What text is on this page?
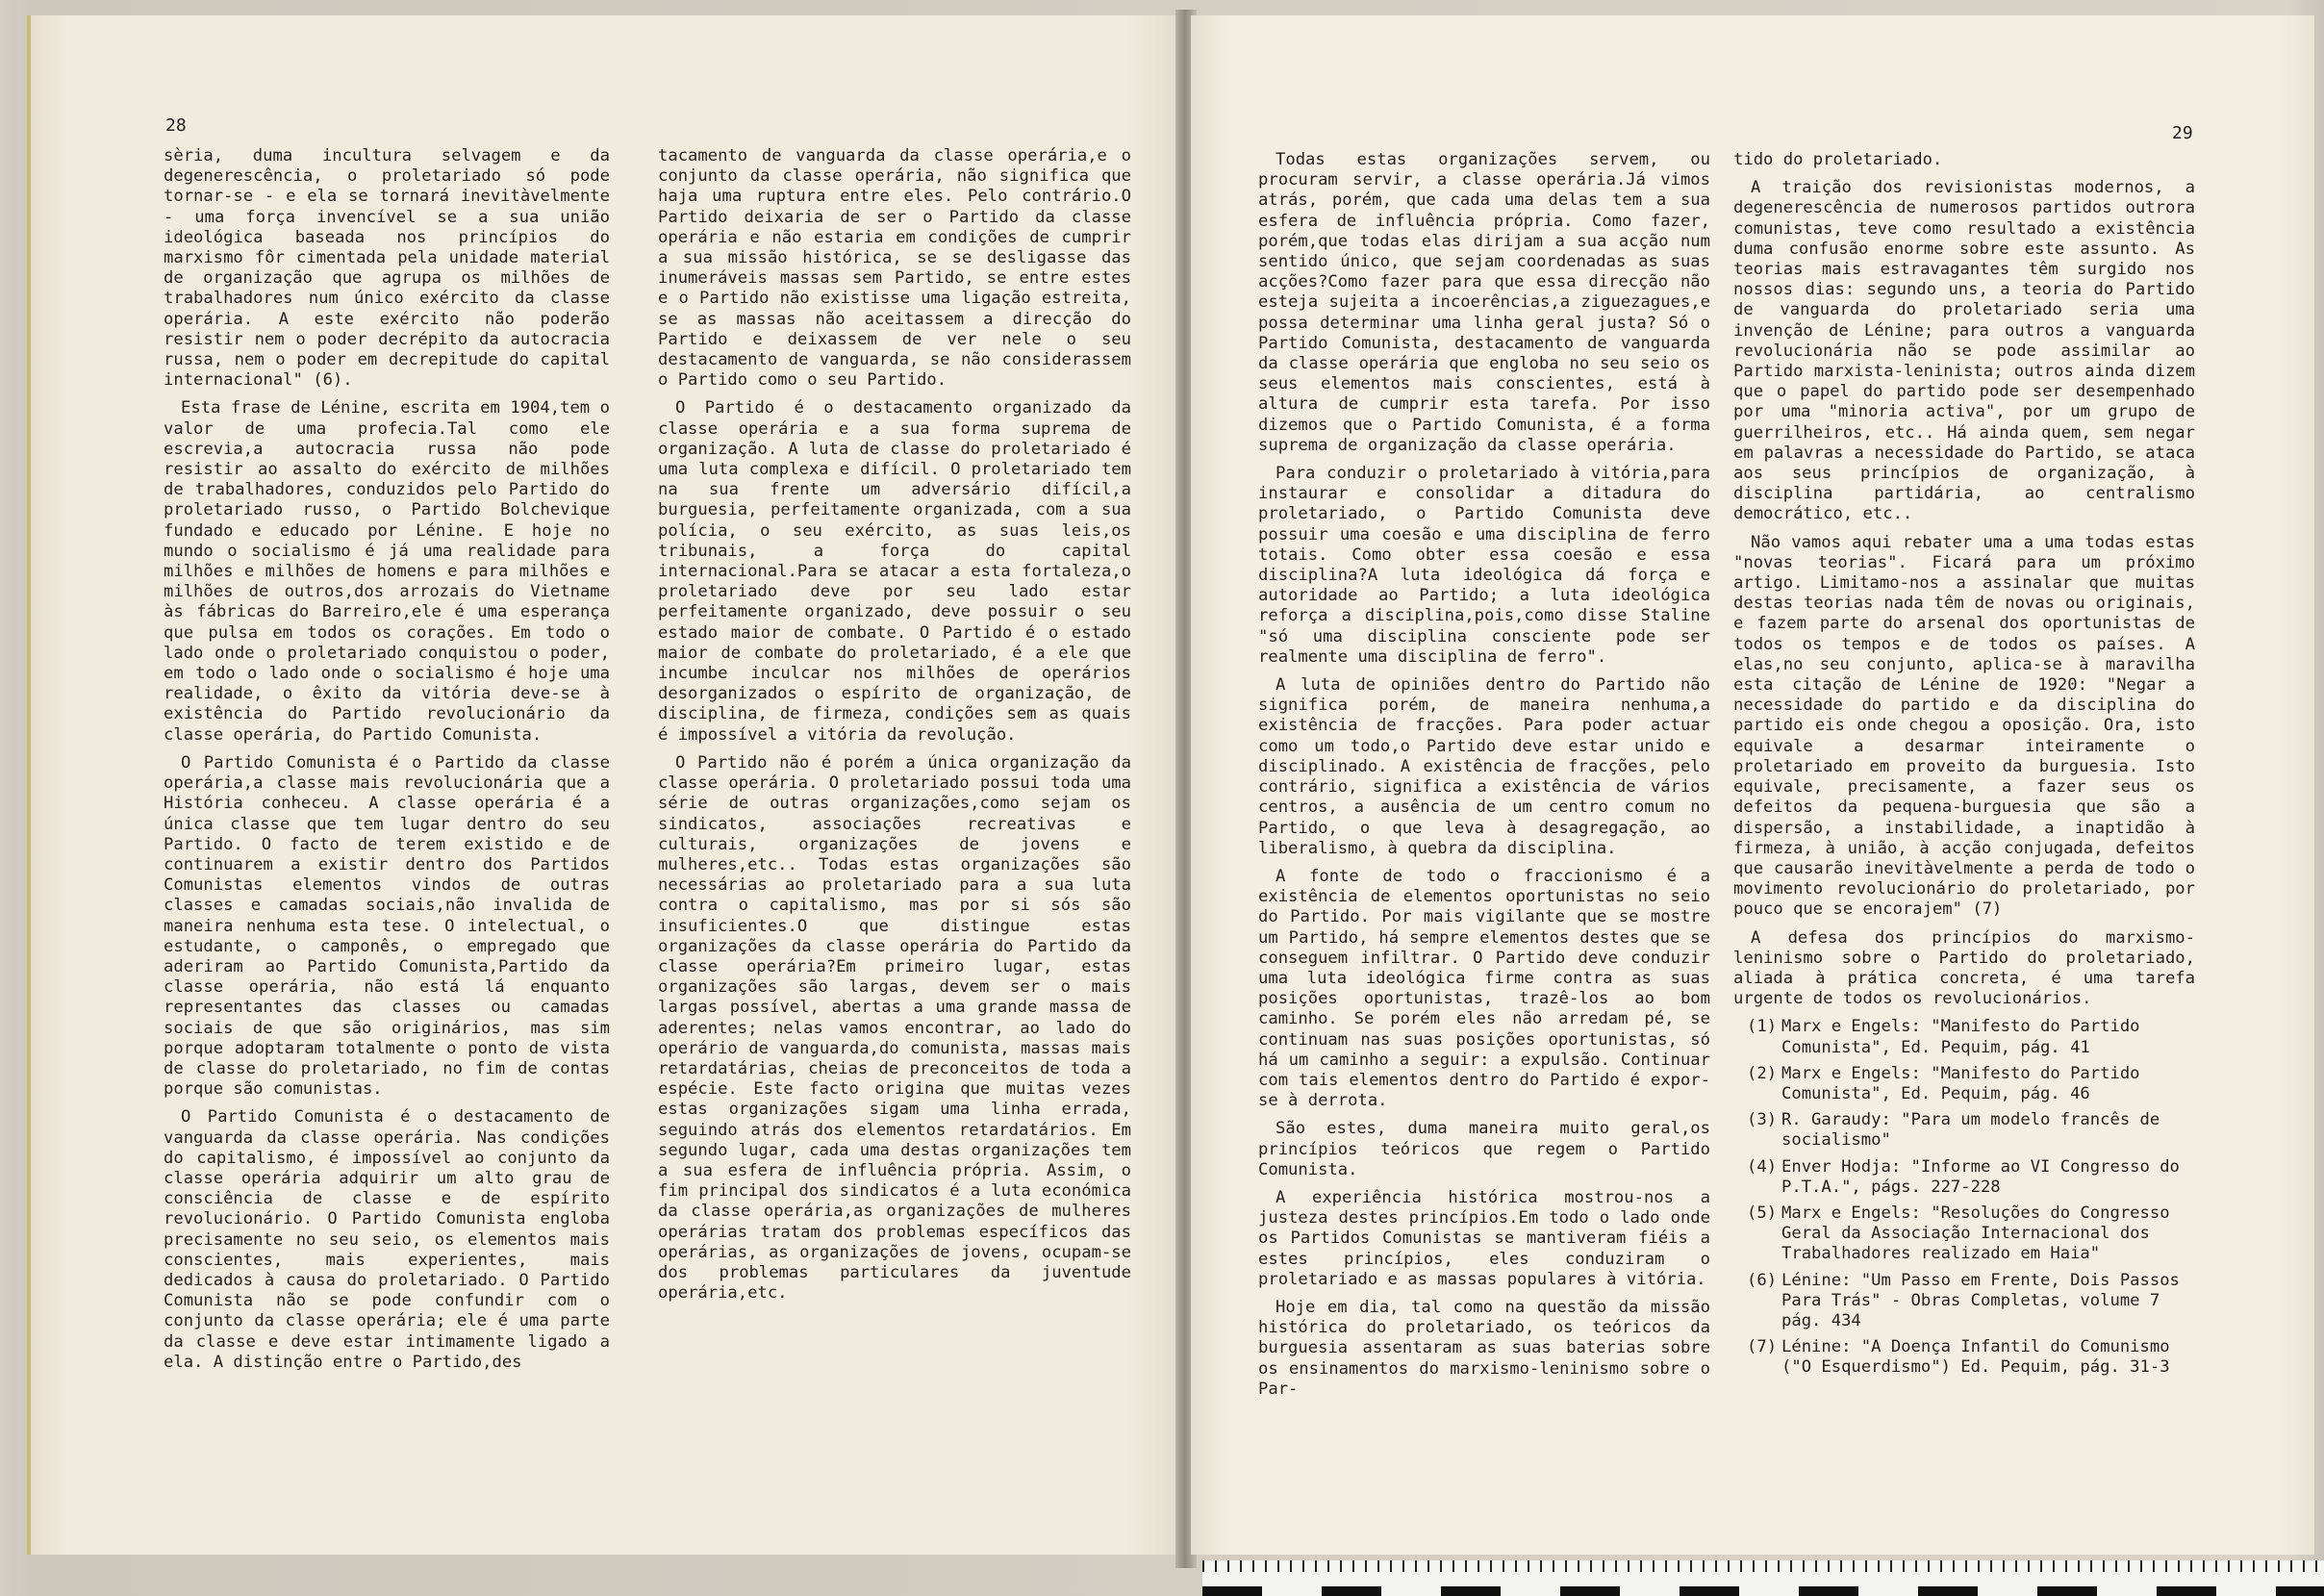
28

sèria, duma incultura selvagem e da degenerescência, o proletariado só pode tornar-se - e ela se tornará inevitàvelmente - uma força invencível se a sua união ideológica baseada nos princípios do marxismo fôr cimentada pela unidade material de organização que agrupa os milhões de trabalhadores num único exército da classe operária. A este exército não poderão resistir nem o poder decrépito da autocracia russa, nem o poder em decrepitude do capital internacional" (6).

Esta frase de Lénine, escrita em 1904,tem o valor de uma profecia.Tal como ele escrevia,a autocracia russa não pode resistir ao assalto do exército de milhões de trabalhadores, conduzidos pelo Partido do proletariado russo, o Partido Bolchevique fundado e educado por Lénine. E hoje no mundo o socialismo é já uma realidade para milhões e milhões de homens e para milhões e milhões de outros,dos arrozais do Vietname às fábricas do Barreiro,ele é uma esperança que pulsa em todos os corações. Em todo o lado onde o proletariado conquistou o poder, em todo o lado onde o socialismo é hoje uma realidade, o êxito da vitória deve-se à existência do Partido revolucionário da classe operária, do Partido Comunista.

O Partido Comunista é o Partido da classe operária,a classe mais revolucionária que a História conheceu. A classe operária é a única classe que tem lugar dentro do seu Partido. O facto de terem existido e de continuarem a existir dentro dos Partidos Comunistas elementos vindos de outras classes e camadas sociais,não invalida de maneira nenhuma esta tese. O intelectual, o estudante, o camponês, o empregado que aderiram ao Partido Comunista,Partido da classe operária, não está lá enquanto representantes das classes ou camadas sociais de que são originários, mas sim porque adoptaram totalmente o ponto de vista de classe do proletariado, no fim de contas porque são comunistas.

O Partido Comunista é o destacamento de vanguarda da classe operária. Nas condições do capitalismo, é impossível ao conjunto da classe operária adquirir um alto grau de consciência de classe e de espírito revolucionário. O Partido Comunista engloba precisamente no seu seio, os elementos mais conscientes, mais experientes, mais dedicados à causa do proletariado. O Partido Comunista não se pode confundir com o conjunto da classe operária; ele é uma parte da classe e deve estar intimamente ligado a ela. A distinção entre o Partido,des

tacamento de vanguarda da classe operária,e o conjunto da classe operária, não significa que haja uma ruptura entre eles. Pelo contrário.O Partido deixaria de ser o Partido da classe operária e não estaria em condições de cumprir a sua missão histórica, se se desligasse das inumeráveis massas sem Partido, se entre estes e o Partido não existisse uma ligação estreita, se as massas não aceitassem a direcção do Partido e deixassem de ver nele o seu destacamento de vanguarda, se não considerassem o Partido como o seu Partido.

O Partido é o destacamento organizado da classe operária e a sua forma suprema de organização. A luta de classe do proletariado é uma luta complexa e difícil. O proletariado tem na sua frente um adversário difícil,a burguesia, perfeitamente organizada, com a sua polícia, o seu exército, as suas leis,os tribunais, a força do capital internacional.Para se atacar a esta fortaleza,o proletariado deve por seu lado estar perfeitamente organizado, deve possuir o seu estado maior de combate. O Partido é o estado maior de combate do proletariado, é a ele que incumbe inculcar nos milhões de operários desorganizados o espírito de organização, de disciplina, de firmeza, condições sem as quais é impossível a vitória da revolução.

O Partido não é porém a única organização da classe operária. O proletariado possui toda uma série de outras organizações,como sejam os sindicatos, associações recreativas e culturais, organizações de jovens e mulheres,etc.. Todas estas organizações são necessárias ao proletariado para a sua luta contra o capitalismo, mas por si sós são insuficientes.O que distingue estas organizações da classe operária do Partido da classe operária?Em primeiro lugar, estas organizações são largas, devem ser o mais largas possível, abertas a uma grande massa de aderentes; nelas vamos encontrar, ao lado do operário de vanguarda,do comunista, massas mais retardatárias, cheias de preconceitos de toda a espécie. Este facto origina que muitas vezes estas organizações sigam uma linha errada, seguindo atrás dos elementos retardatários. Em segundo lugar, cada uma destas organizações tem a sua esfera de influência própria. Assim, o fim principal dos sindicatos é a luta económica da classe operária,as organizações de mulheres operárias tratam dos problemas específicos das operárias, as organizações de jovens, ocupam-se dos problemas particulares da juventude operária,etc.

29

Todas estas organizações servem, ou procuram servir, a classe operária.Já vimos atrás, porém, que cada uma delas tem a sua esfera de influência própria. Como fazer, porém,que todas elas dirijam a sua acção num sentido único, que sejam coordenadas as suas acções?Como fazer para que essa direcção não esteja sujeita a incoerências,a ziguezagues,e possa determinar uma linha geral justa? Só o Partido Comunista, destacamento de vanguarda da classe operária que engloba no seu seio os seus elementos mais conscientes, está à altura de cumprir esta tarefa. Por isso dizemos que o Partido Comunista, é a forma suprema de organização da classe operária.

Para conduzir o proletariado à vitória,para instaurar e consolidar a ditadura do proletariado, o Partido Comunista deve possuir uma coesão e uma disciplina de ferro totais. Como obter essa coesão e essa disciplina?A luta ideológica dá força e autoridade ao Partido; a luta ideológica reforça a disciplina,pois,como disse Staline "só uma disciplina consciente pode ser realmente uma disciplina de ferro".

A luta de opiniões dentro do Partido não significa porém, de maneira nenhuma,a existência de fracções. Para poder actuar como um todo,o Partido deve estar unido e disciplinado. A existência de fracções, pelo contrário, significa a existência de vários centros, a ausência de um centro comum no Partido, o que leva à desagregação, ao liberalismo, à quebra da disciplina.

A fonte de todo o fraccionismo é a existência de elementos oportunistas no seio do Partido. Por mais vigilante que se mostre um Partido, há sempre elementos destes que se conseguem infiltrar. O Partido deve conduzir uma luta ideológica firme contra as suas posições oportunistas, trazê-los ao bom caminho. Se porém eles não arredam pé, se continuam nas suas posições oportunistas, só há um caminho a seguir: a expulsão. Continuar com tais elementos dentro do Partido é expor-se à derrota.

São estes, duma maneira muito geral,os princípios teóricos que regem o Partido Comunista.

A experiência histórica mostrou-nos a justeza destes princípios.Em todo o lado onde os Partidos Comunistas se mantiveram fiéis a estes princípios, eles conduziram o proletariado e as massas populares à vitória.

Hoje em dia, tal como na questão da missão histórica do proletariado, os teóricos da burguesia assentaram as suas baterias sobre os ensinamentos do marxismo-leninismo sobre o Par-

tido do proletariado.

A traição dos revisionistas modernos, a degenerescência de numerosos partidos outrora comunistas, teve como resultado a existência duma confusão enorme sobre este assunto. As teorias mais estravagantes têm surgido nos nossos dias: segundo uns, a teoria do Partido de vanguarda do proletariado seria uma invenção de Lénine; para outros a vanguarda revolucionária não se pode assimilar ao Partido marxista-leninista; outros ainda dizem que o papel do partido pode ser desempenhado por uma "minoria activa", por um grupo de guerrilheiros, etc.. Há ainda quem, sem negar em palavras a necessidade do Partido, se ataca aos seus princípios de organização, à disciplina partidária, ao centralismo democrático, etc..

Não vamos aqui rebater uma a uma todas estas "novas teorias". Ficará para um próximo artigo. Limitamo-nos a assinalar que muitas destas teorias nada têm de novas ou originais, e fazem parte do arsenal dos oportunistas de todos os tempos e de todos os países. A elas,no seu conjunto, aplica-se à maravilha esta citação de Lénine de 1920: "Negar a necessidade do partido e da disciplina do partido eis onde chegou a oposição. Ora, isto equivale a desarmar inteiramente o proletariado em proveito da burguesia. Isto equivale, precisamente, a fazer seus os defeitos da pequena-burguesia que são a dispersão, a instabilidade, a inaptidão à firmeza, à união, à acção conjugada, defeitos que causarão inevitàvelmente a perda de todo o movimento revolucionário do proletariado, por pouco que se encorajem" (7)

A defesa dos princípios do marxismo-leninismo sobre o Partido do proletariado, aliada à prática concreta, é uma tarefa urgente de todos os revolucionários.

(1) Marx e Engels: "Manifesto do Partido Comunista", Ed. Pequim, pág. 41
(2) Marx e Engels: "Manifesto do Partido Comunista", Ed. Pequim, pág. 46
(3) R. Garaudy: "Para um modelo francês de socialismo"
(4) Enver Hodja: "Informe ao VI Congresso do P.T.A.", págs. 227-228
(5) Marx e Engels: "Resoluções do Congresso Geral da Associação Internacional dos Trabalhadores realizado em Haia"
(6) Lénine: "Um Passo em Frente, Dois Passos Para Trás" - Obras Completas, volume 7 pág. 434
(7) Lénine: "A Doença Infantil do Comunismo ("O Esquerdismo") Ed. Pequim, pág. 31-3
